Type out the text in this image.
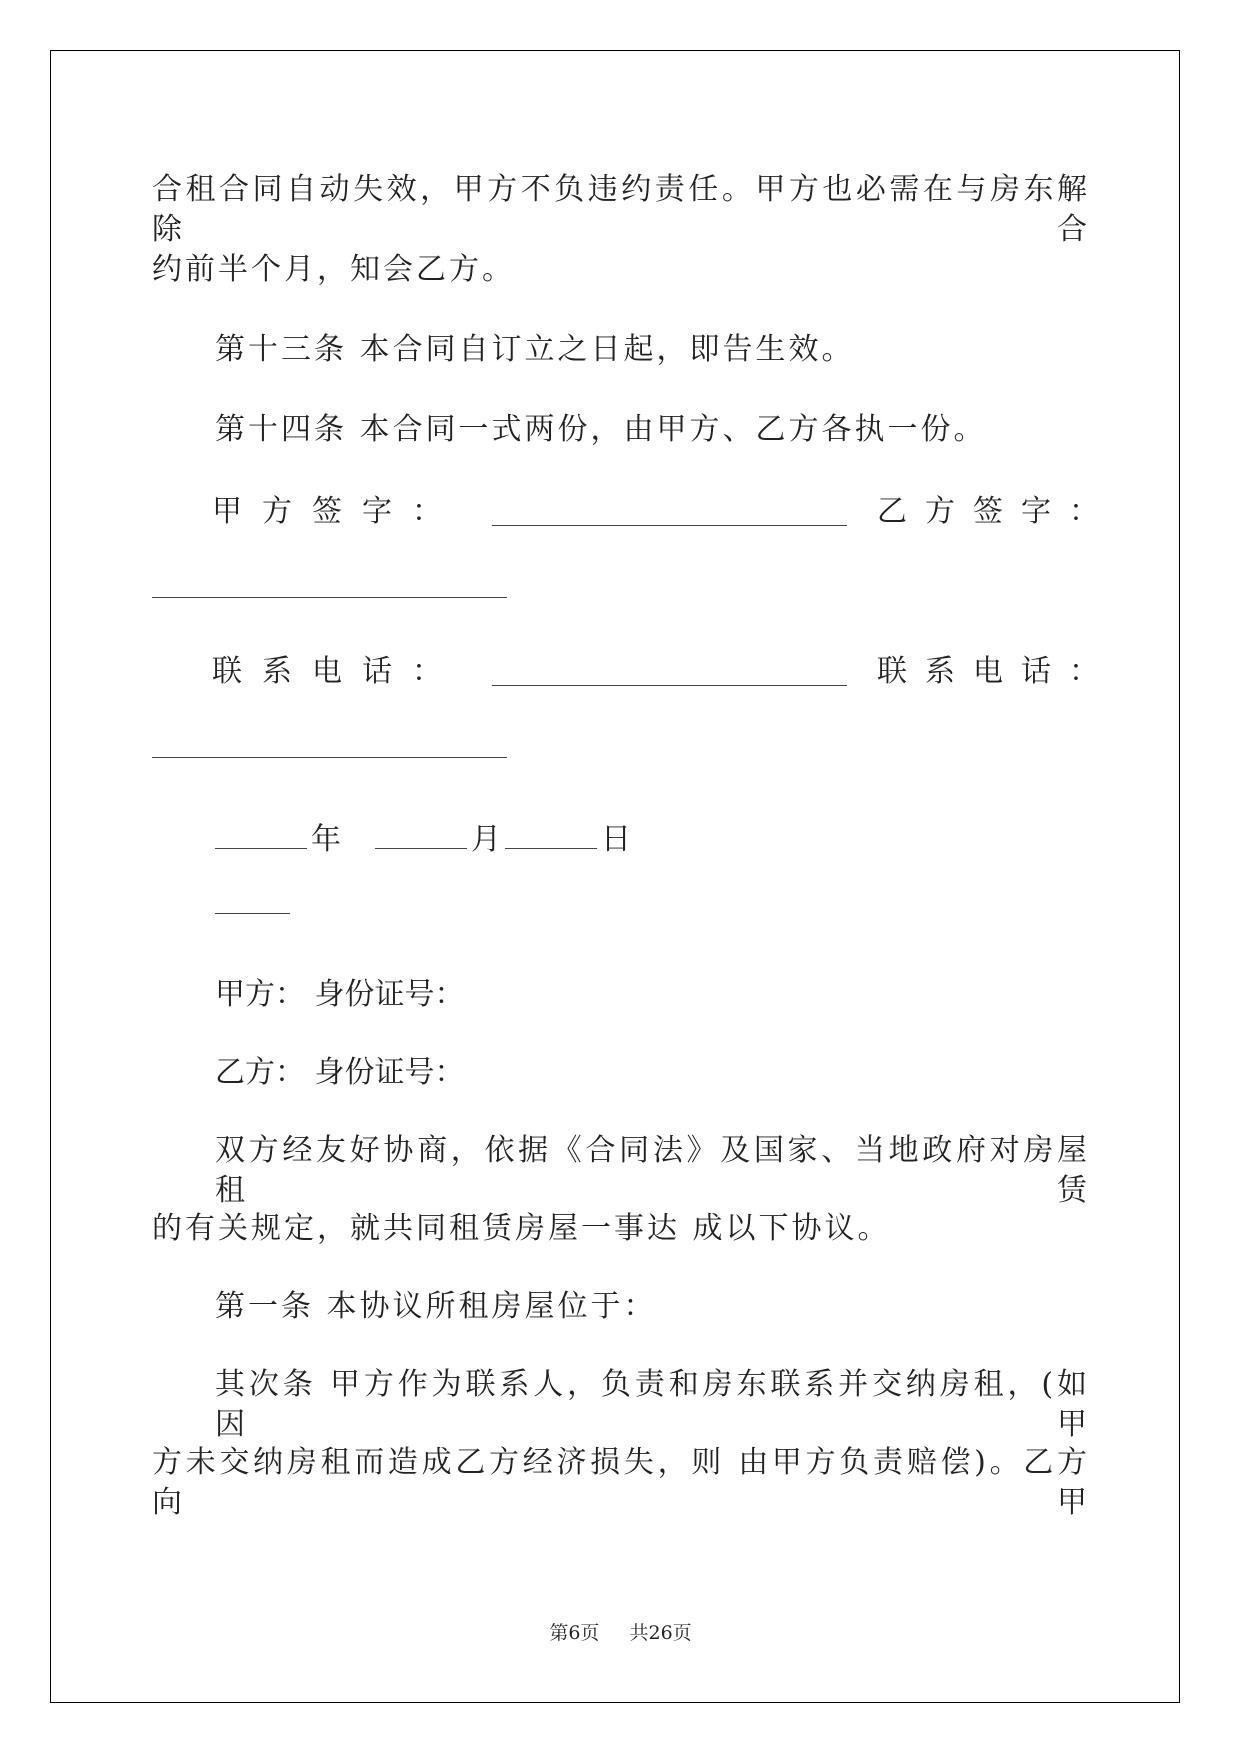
合租合同自动失效，甲方不负违约责任。甲方也必需在与房东解除合

约前半个月，知会乙方。

第十三条 本合同自订立之日起，即告生效。

第十四条 本合同一式两份，由甲方、乙方各执一份。

甲方签字：	乙方签字：
联系电话：	联系电话：
年	月	日

甲方： 身份证号：

乙方： 身份证号：

双方经友好协商，依据《合同法》及国家、当地政府对房屋租赁

的有关规定，就共同租赁房屋一事达 成以下协议。

第一条 本协议所租房屋位于：

其次条 甲方作为联系人，负责和房东联系并交纳房租，(如因甲

方未交纳房租而造成乙方经济损失，则 由甲方负责赔偿)。乙方向甲

第6页 共26页
